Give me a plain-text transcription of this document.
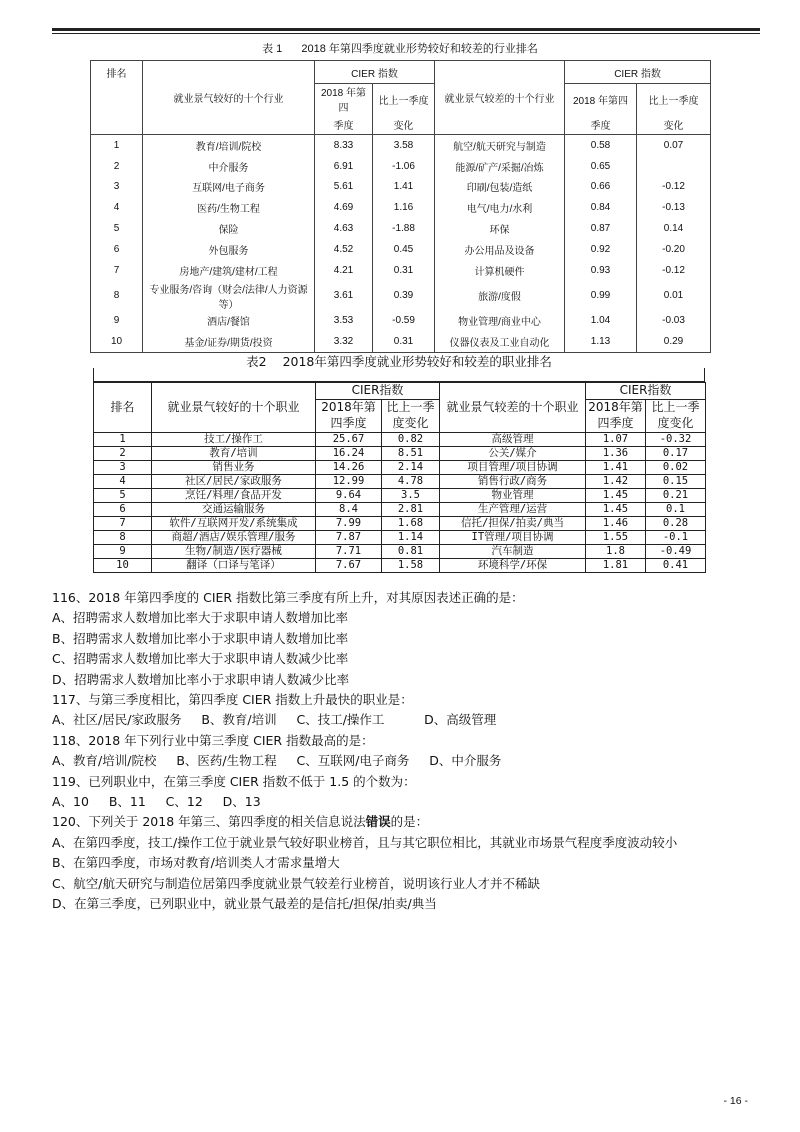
表 1 2018 年第四季度就业形势较好和较差的行业排名
排名	就业景气较好的十个行业	CIER 指数		就业景气较差的十个行业	CIER 指数	
		2018 年第四	比上一季度		2018 年第四	比上一季度
		季度	变化		季度	变化
1	教育/培训/院校	8.33	3.58	航空/航天研究与制造	0.58	0.07
2	中介服务	6.91	-1.06	能源/矿产/采掘/冶炼	0.65	
3	互联网/电子商务	5.61	1.41	印刷/包装/造纸	0.66	-0.12
4	医药/生物工程	4.69	1.16	电气/电力/水利	0.84	-0.13
5	保险	4.63	-1.88	环保	0.87	0.14
6	外包服务	4.52	0.45	办公用品及设备	0.92	-0.20
7	房地产/建筑/建材/工程	4.21	0.31	计算机硬件	0.93	-0.12
8	专业服务/咨询（财会/法律/人力资源等）	3.61	0.39	旅游/度假	0.99	0.01
9	酒店/餐馆	3.53	-0.59	物业管理/商业中心	1.04	-0.03
10	基金/证券/期货/投资	3.32	0.31	仪器仪表及工业自动化	1.13	0.29
表2 2018年第四季度就业形势较好和较差的职业排名
排名	就业景气较好的十个职业	CIER指数		就业景气较差的十个职业	CIER指数	
		2018年第	比上一季		2018年第	比上一季
		四季度	度变化		四季度	度变化
1	技工/操作工	25.67	0.82	高级管理	1.07	-0.32
2	教育/培训	16.24	8.51	公关/媒介	1.36	0.17
3	销售业务	14.26	2.14	项目管理/项目协调	1.41	0.02
4	社区/居民/家政服务	12.99	4.78	销售行政/商务	1.42	0.15
5	烹饪/料理/食品开发	9.64	3.5	物业管理	1.45	0.21
6	交通运输服务	8.4	2.81	生产管理/运营	1.45	0.1
7	软件/互联网开发/系统集成	7.99	1.68	信托/担保/拍卖/典当	1.46	0.28
8	商超/酒店/娱乐管理/服务	7.87	1.14	IT管理/项目协调	1.55	-0.1
9	生物/制造/医疗器械	7.71	0.81	汽车制造	1.8	-0.49
10	翻译（口译与笔译）	7.67	1.58	环境科学/环保	1.81	0.41

116、2018 年第四季度的 CIER 指数比第三季度有所上升，对其原因表述正确的是：

A、招聘需求人数增加比率大于求职申请人数增加比率

B、招聘需求人数增加比率小于求职申请人数增加比率

C、招聘需求人数增加比率大于求职申请人数减少比率

D、招聘需求人数增加比率小于求职申请人数减少比率

117、与第三季度相比，第四季度 CIER 指数上升最快的职业是：

A、社区/居民/家政服务     B、教育/培训     C、技工/操作工          D、高级管理

118、2018 年下列行业中第三季度 CIER 指数最高的是：

A、教育/培训/院校     B、医药/生物工程     C、互联网/电子商务     D、中介服务

119、已列职业中，在第三季度 CIER 指数不低于 1.5 的个数为：

A、10     B、11     C、12     D、13

120、下列关于 2018 年第三、第四季度的相关信息说法错误的是：

A、在第四季度，技工/操作工位于就业景气较好职业榜首，且与其它职位相比，其就业市场景气程度季度波动较小

B、在第四季度，市场对教育/培训类人才需求量增大

C、航空/航天研究与制造位居第四季度就业景气较差行业榜首，说明该行业人才并不稀缺

D、在第三季度，已列职业中，就业景气最差的是信托/担保/拍卖/典当

- 16 -
